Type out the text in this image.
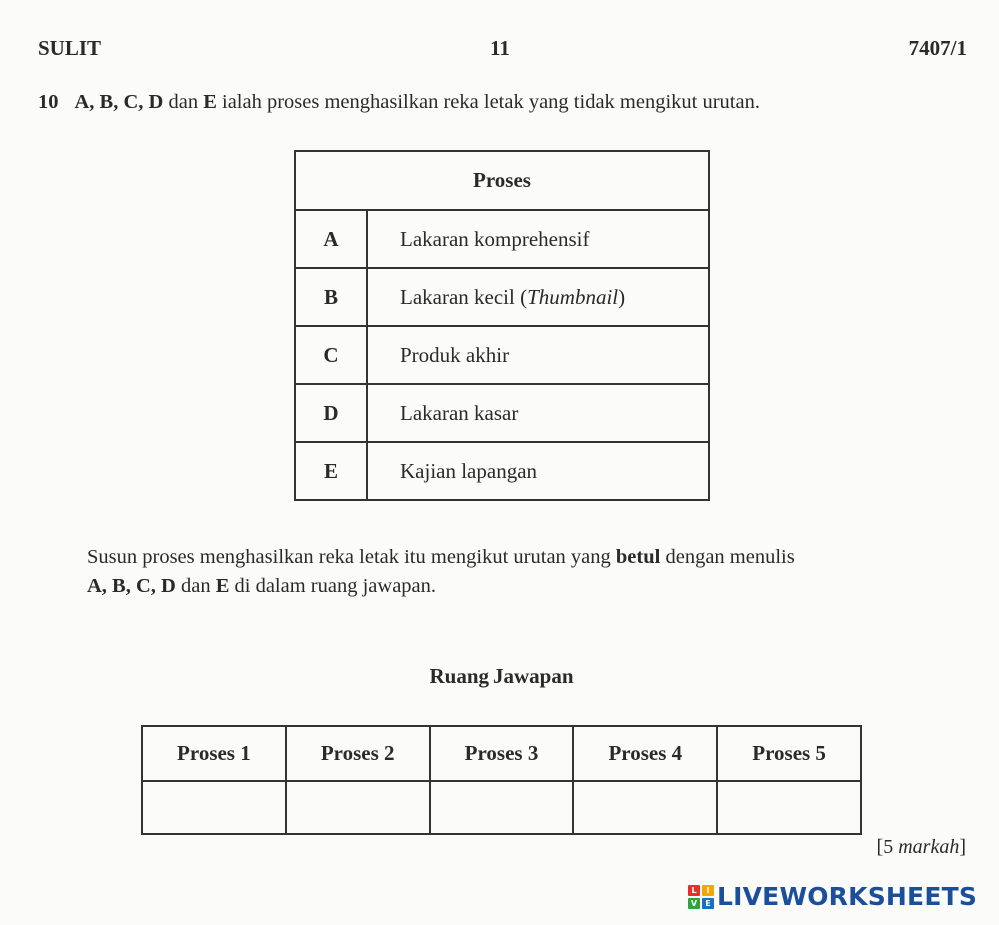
SULIT	11	7407/1
10 A, B, C, D dan E ialah proses menghasilkan reka letak yang tidak mengikut urutan.
Proses	
A	Lakaran komprehensif
B	Lakaran kecil (Thumbnail)
C	Produk akhir
D	Lakaran kasar
E	Kajian lapangan
Susun proses menghasilkan reka letak itu mengikut urutan yang betul dengan menulis
A, B, C, D dan E di dalam ruang jawapan.
Ruang Jawapan
Proses 1	Proses 2	Proses 3	Proses 4	Proses 5

[5 markah]
L	I
V	E LIVEWORKSHEETS
